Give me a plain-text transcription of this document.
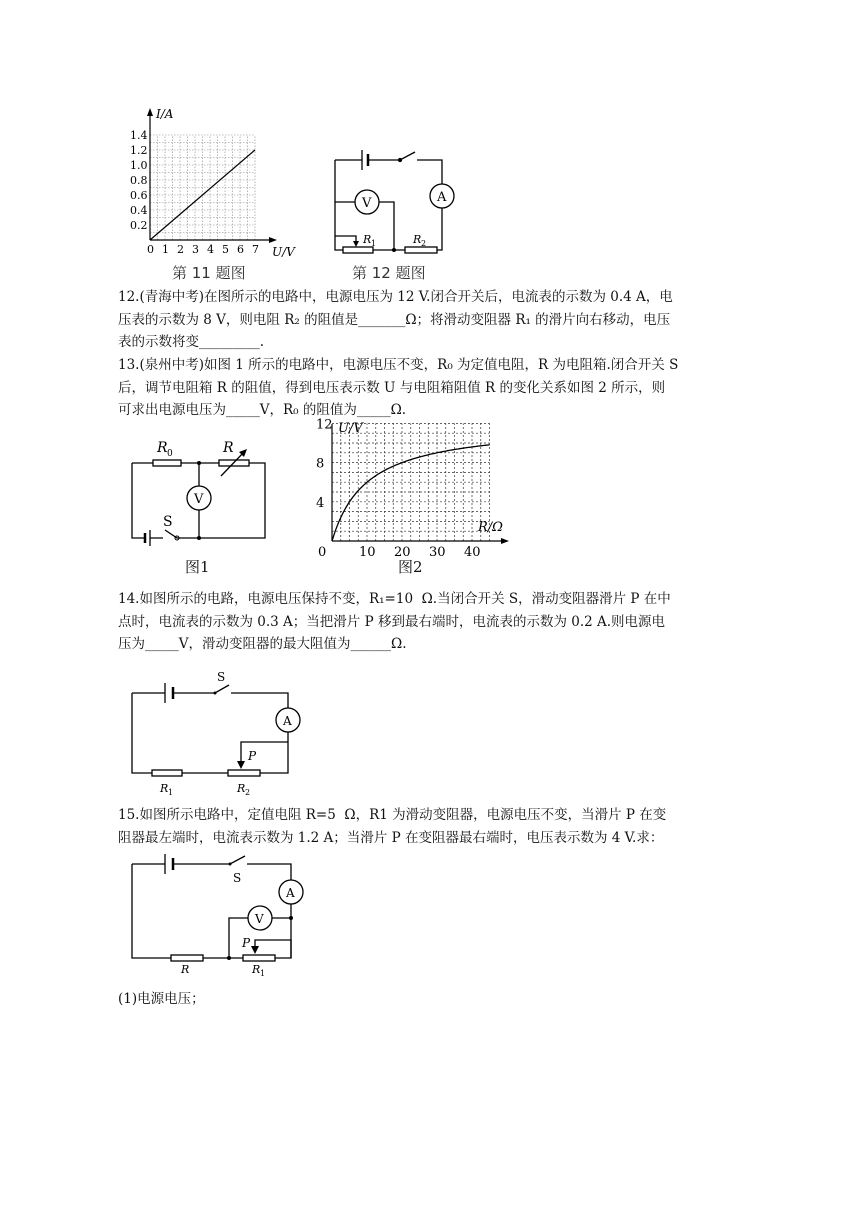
I/A
U/V
0.2
0.4
0.6
0.8
1.0
1.2
1.4
0 1 2 3 4 5 6 7
第 11 题图
V	A
R 1	R 2
第 12 题图
12.(青海中考)在图所示的电路中，电源电压为 12 V.闭合开关后，电流表的示数为 0.4 A，电
压表的示数为 8 V，则电阻 R₂ 的阻值是_______Ω；将滑动变阻器 R₁ 的滑片向右移动，电压
表的示数将变_________.
13.(泉州中考)如图 1 所示的电路中，电源电压不变，R₀ 为定值电阻，R 为电阻箱.闭合开关 S
后，调节电阻箱 R 的阻值，得到电压表示数 U 与电阻箱阻值 R 的变化关系如图 2 所示，则
可求出电源电压为_____V，R₀ 的阻值为_____Ω.
R 0	R
V
S
图1
U/V
R/Ω
4
8
12
0	10 20 30 40
图2
14.如图所示的电路，电源电压保持不变，R₁=10  Ω.当闭合开关 S，滑动变阻器滑片 P 在中
点时，电流表的示数为 0.3 A；当把滑片 P 移到最右端时，电流表的示数为 0.2 A.则电源电
压为_____V，滑动变阻器的最大阻值为______Ω.
S
A
P
R 1	R 2
15.如图所示电路中，定值电阻 R=5  Ω，R1 为滑动变阻器，电源电压不变，当滑片 P 在变
阻器最左端时，电流表示数为 1.2 A；当滑片 P 在变阻器最右端时，电压表示数为 4 V.求：
S
A
V
P
R	R 1
(1)电源电压；
